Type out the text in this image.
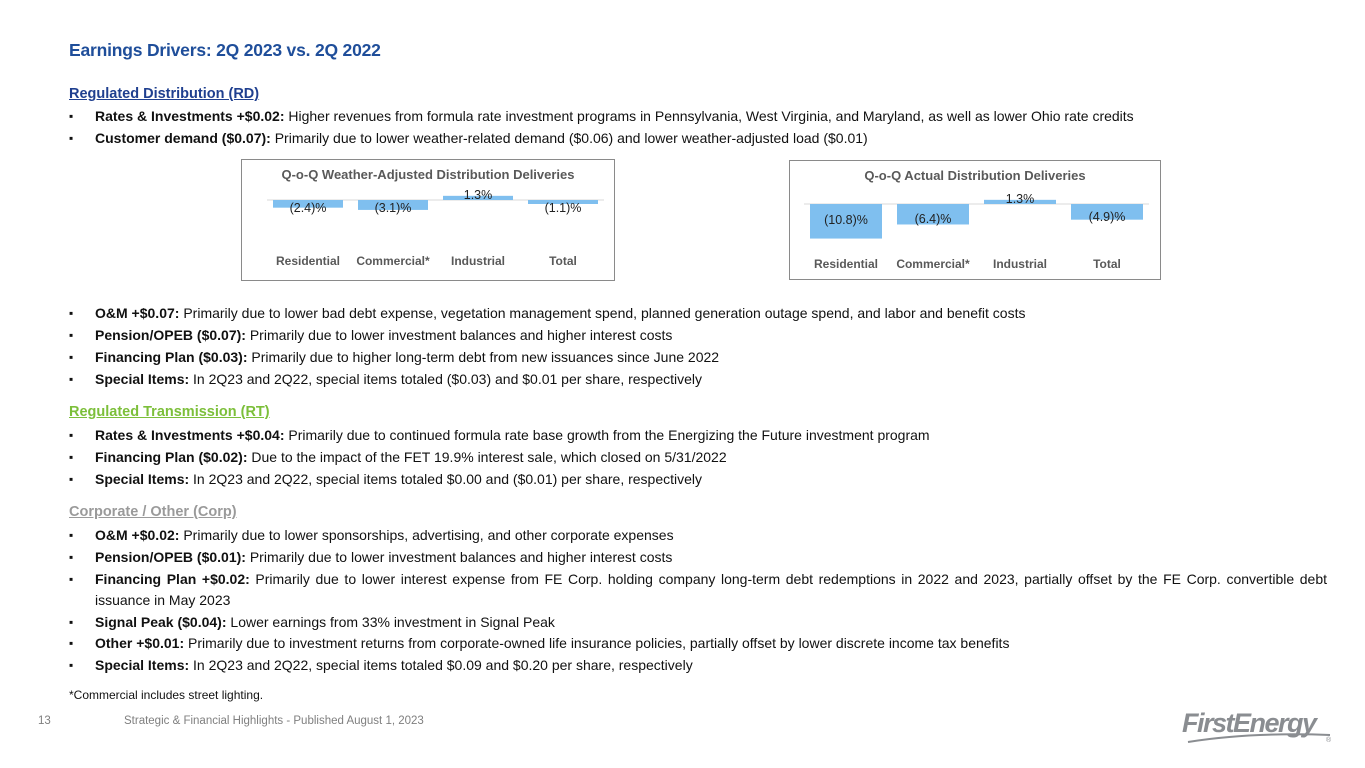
Earnings Drivers: 2Q 2023 vs. 2Q 2022
Regulated Distribution (RD)
▪ Rates & Investments +$0.02: Higher revenues from formula rate investment programs in Pennsylvania, West Virginia, and Maryland, as well as lower Ohio rate credits
▪ Customer demand ($0.07): Primarily due to lower weather-related demand ($0.06) and lower weather-adjusted load ($0.01)
Q-o-Q Weather-Adjusted Distribution Deliveries
(2.4)%
Residential
(3.1)%
Commercial*
1.3%
Industrial
(1.1)%
Total
Q-o-Q Actual Distribution Deliveries
(10.8)%
Residential
(6.4)%
Commercial*
1.3%
Industrial
(4.9)%
Total
▪ O&M +$0.07: Primarily due to lower bad debt expense, vegetation management spend, planned generation outage spend, and labor and benefit costs
▪ Pension/OPEB ($0.07): Primarily due to lower investment balances and higher interest costs
▪ Financing Plan ($0.03): Primarily due to higher long-term debt from new issuances since June 2022
▪ Special Items: In 2Q23 and 2Q22, special items totaled ($0.03) and $0.01 per share, respectively
Regulated Transmission (RT)
▪ Rates & Investments +$0.04: Primarily due to continued formula rate base growth from the Energizing the Future investment program
▪ Financing Plan ($0.02): Due to the impact of the FET 19.9% interest sale, which closed on 5/31/2022
▪ Special Items: In 2Q23 and 2Q22, special items totaled $0.00 and ($0.01) per share, respectively
Corporate / Other (Corp)
▪ O&M +$0.02: Primarily due to lower sponsorships, advertising, and other corporate expenses
▪ Pension/OPEB ($0.01): Primarily due to lower investment balances and higher interest costs
▪ Financing Plan +$0.02: Primarily due to lower interest expense from FE Corp. holding company long-term debt redemptions in 2022 and 2023, partially offset by the FE Corp. convertible debt issuance in May 2023
▪ Signal Peak ($0.04): Lower earnings from 33% investment in Signal Peak
▪ Other +$0.01: Primarily due to investment returns from corporate-owned life insurance policies, partially offset by lower discrete income tax benefits
▪ Special Items: In 2Q23 and 2Q22, special items totaled $0.09 and $0.20 per share, respectively
*Commercial includes street lighting.
13	Strategic & Financial Highlights - Published August 1, 2023	FirstEnergy
®
